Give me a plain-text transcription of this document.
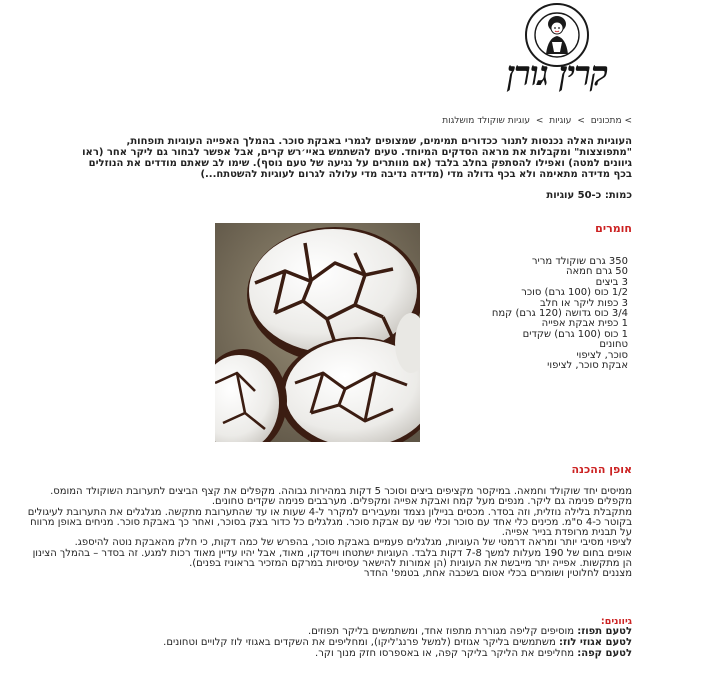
קרין גורן
> מתכונים > עוגיות > עוגיות שוקולד מושלגות

העוגיות האלה נכנסות לתנור ככדורים תמימים, שמצופים לגמרי באבקת סוכר. בהמלך האפייה העוגיות תופחות, "מתפוצצות" ומקבלות את מראה הסדקים המיוחד. טעים להשתמש באיי׳רש קרים, אבל אפשר לבחור גם ליקר אחר (ראו גיוונים למטה) ואפילו להסתפק בחלב בלבד (אם מוותרים על נגיעה של טעם נוסף). שימו לב שאתם מודדים את הנוזלים בכף מדידה מתאימה ולא בכף גדולה מדי (מדידה נדיבה מדי עלולה לגרום לעוגיות להשטתח...)

כמות: כ-50 עוגיות
חומרים
350 גרם שוקולד מריר
50 גרם חמאה
3 ביצים
1/2 כוס (100 גרם) סוכר
3 כפות ליקר או חלב
3/4 כוס גדושה (120 גרם) קמח
1 כפית אבקת אפייה
1 כוס (100 גרם) שקדים
טחונים
סוכר, לציפוי
אבקת סוכר, לציפוי
אופן ההכנה

ממיסים יחד שוקולד וחמאה. במיקסר מקציפים ביצים וסוכר 5 דקות במהירות גבוהה. מקפלים את קצף הביצים לתערובת השוקולד המומס. מקפלים פנימה גם ליקר. מנפים מעל קמח ואבקת אפייה ומקפלים. מערבבים פנימה שקדים טחונים.

מתקבלת בלילה נוזלית, וזה בסדר. מכסים בניילון נצמד ומעבירים למקרר ל-4 שעות או עד שהתערובת מתקשה. מגלגלים את התערובת לעיגולים בקוטר כ-4 ס"מ. מכינים כלי אחד עם סוכר וכלי שני עם אבקת סוכר. מגלגלים כל כדור בצק בסוכר, ואחר כך באבקת סוכר. מניחים באופן מרווח על תבנית מרופדת בנייר אפייה.

לציפוי מסיבי יותר ומראה דרמטי של העוגיות, מגלגלים פעמיים באבקת סוכר, בהפרש של כמה דקות, כי חלק מהאבקת נוטה להיספג.

אופים בחום של 190 מעלות למשך 7-8 דקות בלבד. העוגיות ישתטחו וייסדקו, מאוד, אבל יהיו עדיין מאוד רכות למגע. זה בסדר – בהמלך הצינון הן מתקשות. אפייה יתר מייבשת את העוגיות (הן אמורות להישאר עסיסיות במרקם המזכיר בראוניז בפנים).

מצננים לחלוטין ושומרים בכלי אטום בשכבה אחת, בטמפ' החדר

גיוונים:
לטעם תפוז: מוסיפים קליפה מגוררת מתפוז אחד, ומשתמשים בליקר תפוזים.
לטעם אגוזי לוז: משתמשים בליקר אגוזים (למשל פרנג'ליקו), ומחליפים את השקדים באגוזי לוז קלויים וטחונים.
לטעם קפה: מחליפים את הליקר בליקר קפה, או באספרסו חזק מנוך וקר.
